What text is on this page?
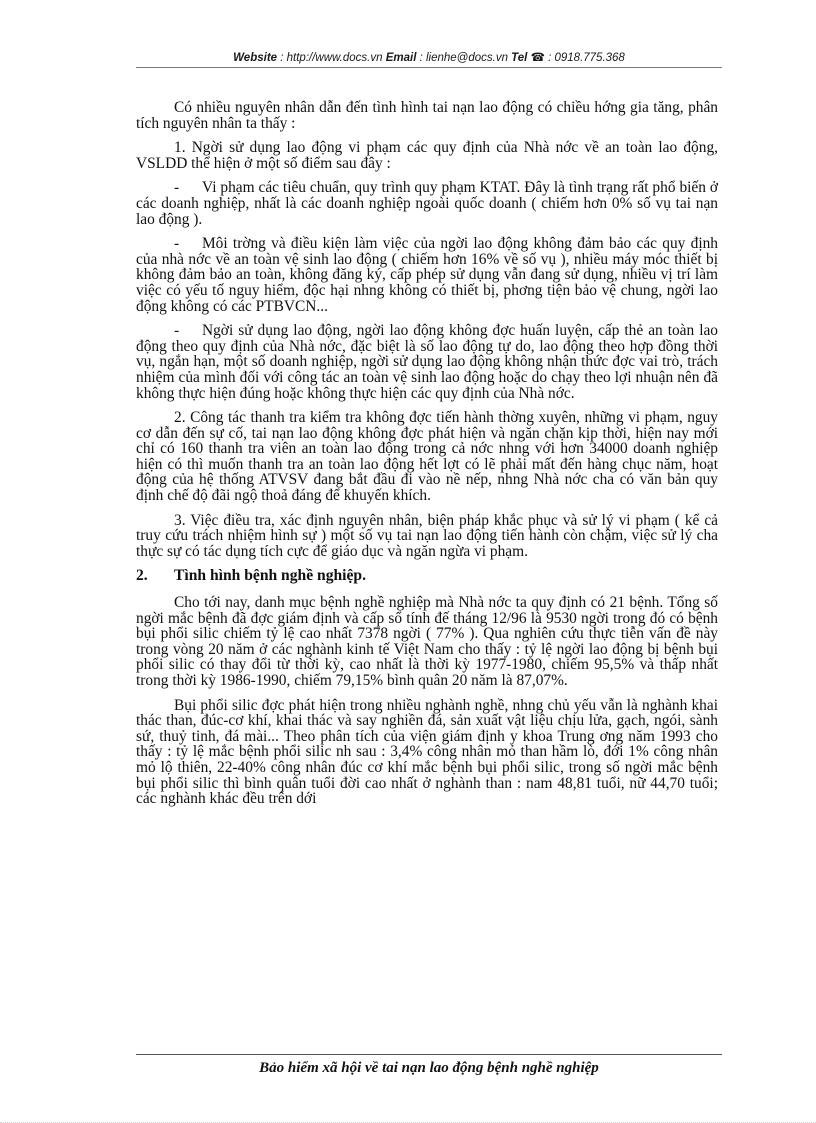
Website : http://www.docs.vn Email : lienhe@docs.vn Tel ☎ : 0918.775.368

Có nhiều nguyên nhân dẫn đến tình hình tai nạn lao động có chiều hớng gia tăng, phân tích nguyên nhân ta thấy :

1. Ngời sử dụng lao động vi phạm các quy định của Nhà nớc về an toàn lao động, VSLDD thể hiện ở một số điểm sau đây :

- Vi phạm các tiêu chuẩn, quy trình quy phạm KTAT. Đây là tình trạng rất phổ biến ở các doanh nghiệp, nhất là các doanh nghiệp ngoài quốc doanh ( chiếm hơn 0% số vụ tai nạn lao động ).

- Môi trờng và điều kiện làm việc của ngời lao động không đảm bảo các quy định của nhà nớc về an toàn vệ sinh lao động ( chiếm hơn 16% về số vụ ), nhiều máy móc thiết bị không đảm bảo an toàn, không đăng ký, cấp phép sử dụng vẫn đang sử dụng, nhiều vị trí làm việc có yếu tố nguy hiểm, độc hại nhng không có thiết bị, phơng tiện bảo vệ chung, ngời lao động không có các PTBVCN...

- Ngời sử dụng lao động, ngời lao động không đợc huấn luyện, cấp thẻ an toàn lao động theo quy định của Nhà nớc, đặc biệt là số lao động tự do, lao động theo hợp đồng thời vụ, ngắn hạn, một số doanh nghiệp, ngời sử dụng lao động không nhận thức đợc vai trò, trách nhiệm của mình đối với công tác an toàn vệ sinh lao động hoặc do chạy theo lợi nhuận nên đã không thực hiện đúng hoặc không thực hiện các quy định của Nhà nớc.

2. Công tác thanh tra kiểm tra không đợc tiến hành thờng xuyên, những vi phạm, nguy cơ dẫn đến sự cố, tai nạn lao động không đợc phát hiện và ngăn chặn kịp thời, hiện nay mới chỉ có 160 thanh tra viên an toàn lao động trong cả nớc nhng với hơn 34000 doanh nghiệp hiện có thì muốn thanh tra an toàn lao động hết lợt có lẽ phải mất đến hàng chục năm, hoạt động của hệ thống ATVSV đang bắt đầu đi vào nề nếp, nhng Nhà nớc cha có văn bản quy định chế độ đãi ngộ thoả đáng để khuyến khích.

3. Việc điều tra, xác định nguyên nhân, biện pháp khắc phục và sử lý vi phạm ( kể cả truy cứu trách nhiệm hình sự ) một số vụ tai nạn lao động tiến hành còn chậm, việc sử lý cha thực sự có tác dụng tích cực để giáo dục và ngăn ngừa vi phạm.

2. Tình hình bệnh nghề nghiệp.

Cho tới nay, danh mục bệnh nghề nghiệp mà Nhà nớc ta quy định có 21 bệnh. Tổng số ngời mắc bệnh đã đợc giám định và cấp sổ tính đế tháng 12/96 là 9530 ngời trong đó có bệnh bụi phổi silic chiếm tỷ lệ cao nhất 7378 ngời ( 77% ). Qua nghiên cứu thực tiễn vấn đề này trong vòng 20 năm ở các nghành kinh tế Việt Nam cho thấy : tỷ lệ ngời lao động bị bệnh bụi phổi silic có thay đổi từ thời kỳ, cao nhất là thời kỳ 1977-1980, chiếm 95,5% và thấp nhất trong thời kỳ 1986-1990, chiếm 79,15% bình quân 20 năm là 87,07%.

Bụi phổi silic đợc phát hiện trong nhiều nghành nghề, nhng chủ yếu vẫn là nghành khai thác than, đúc-cơ khí, khai thác và say nghiền đá, sản xuất vật liệu chịu lửa, gạch, ngói, sành sứ, thuỷ tinh, đá mài... Theo phân tích của viện giám định y khoa Trung ơng năm 1993 cho thấy : tỷ lệ mắc bệnh phổi silic nh sau : 3,4% công nhân mỏ than hầm lò, đới 1% công nhân mỏ lộ thiên, 22-40% công nhân đúc cơ khí mắc bệnh bụi phổi silic, trong số ngời mắc bệnh bụi phổi silic thì bình quân tuổi đời cao nhất ở nghành than : nam 48,81 tuổi, nữ 44,70 tuổi; các nghành khác đều trên dới

Bảo hiểm xã hội về tai nạn lao động bệnh nghề nghiệp
